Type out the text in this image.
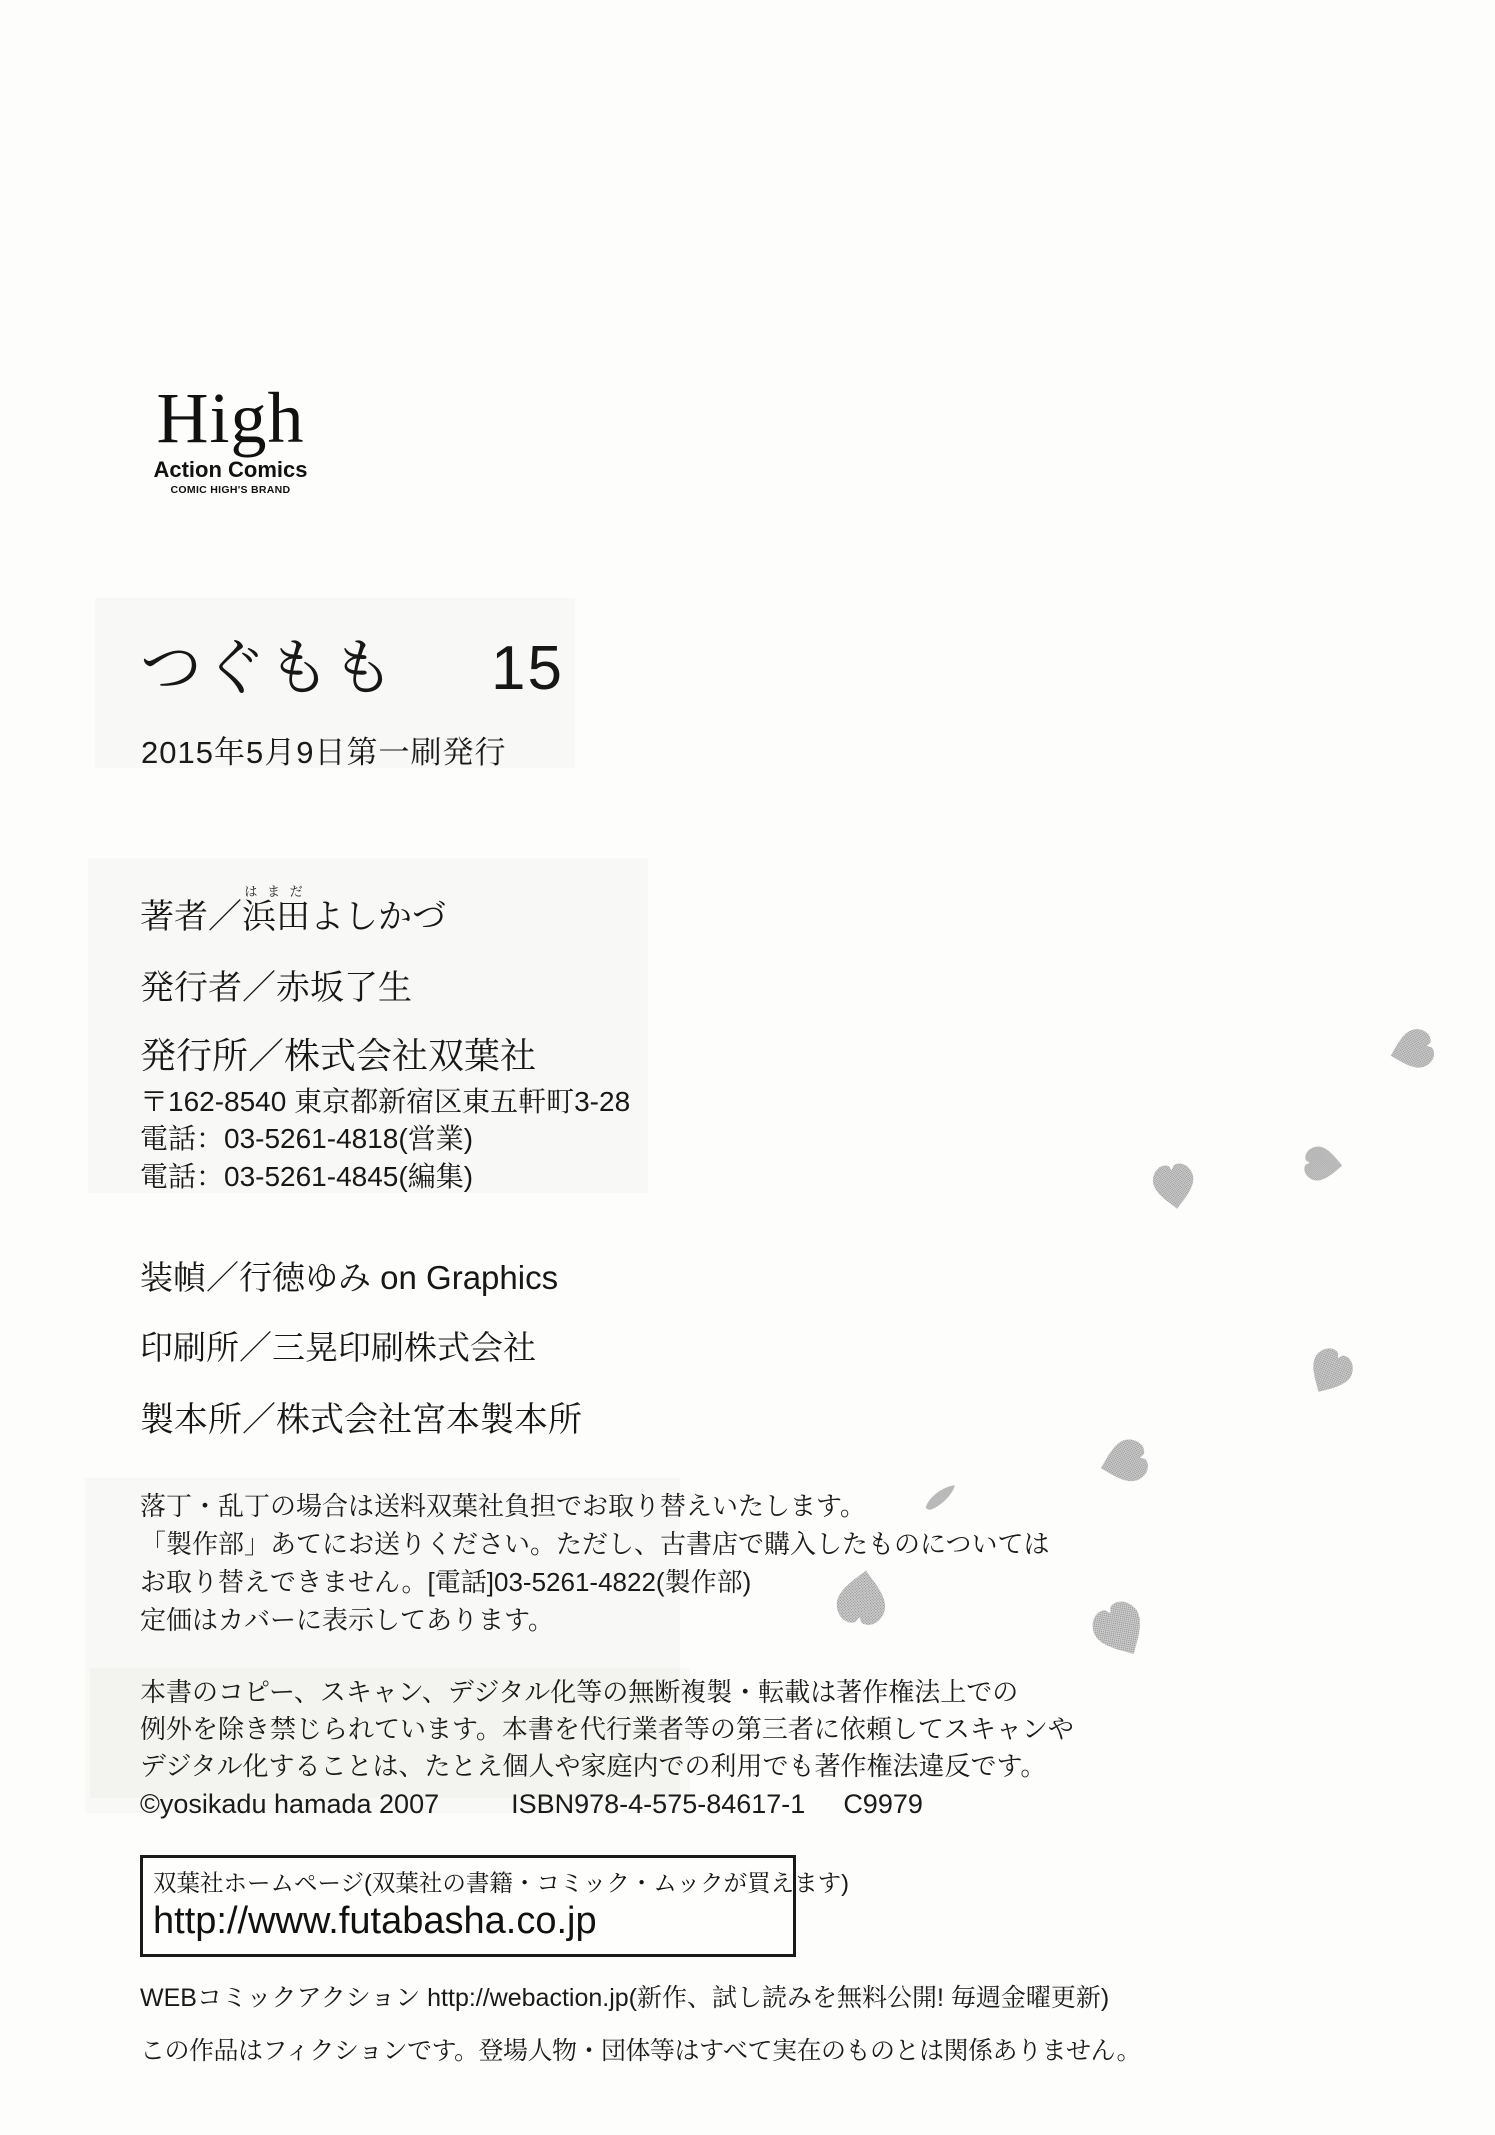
High
Action Comics
COMIC HIGH'S BRAND
つぐもも 15
2015年5月9日第一刷発行
著者／浜田はまだよしかづ
発行者／赤坂了生
発行所／株式会社双葉社
〒162-8540 東京都新宿区東五軒町3-28
電話：03-5261-4818(営業)
電話：03-5261-4845(編集)
装幀／行徳ゆみ on Graphics
印刷所／三晃印刷株式会社
製本所／株式会社宮本製本所
落丁・乱丁の場合は送料双葉社負担でお取り替えいたします。
「製作部」あてにお送りください。ただし、古書店で購入したものについては
お取り替えできません。[電話]03-5261-4822(製作部)
定価はカバーに表示してあります。
本書のコピー、スキャン、デジタル化等の無断複製・転載は著作権法上での
例外を除き禁じられています。本書を代行業者等の第三者に依頼してスキャンや
デジタル化することは、たとえ個人や家庭内での利用でも著作権法違反です。
©yosikadu hamada 2007	ISBN978-4-575-84617-1 C9979
双葉社ホームページ(双葉社の書籍・コミック・ムックが買えます)
http://www.futabasha.co.jp
WEBコミックアクション http://webaction.jp(新作、試し読みを無料公開! 毎週金曜更新)
この作品はフィクションです。登場人物・団体等はすべて実在のものとは関係ありません。
